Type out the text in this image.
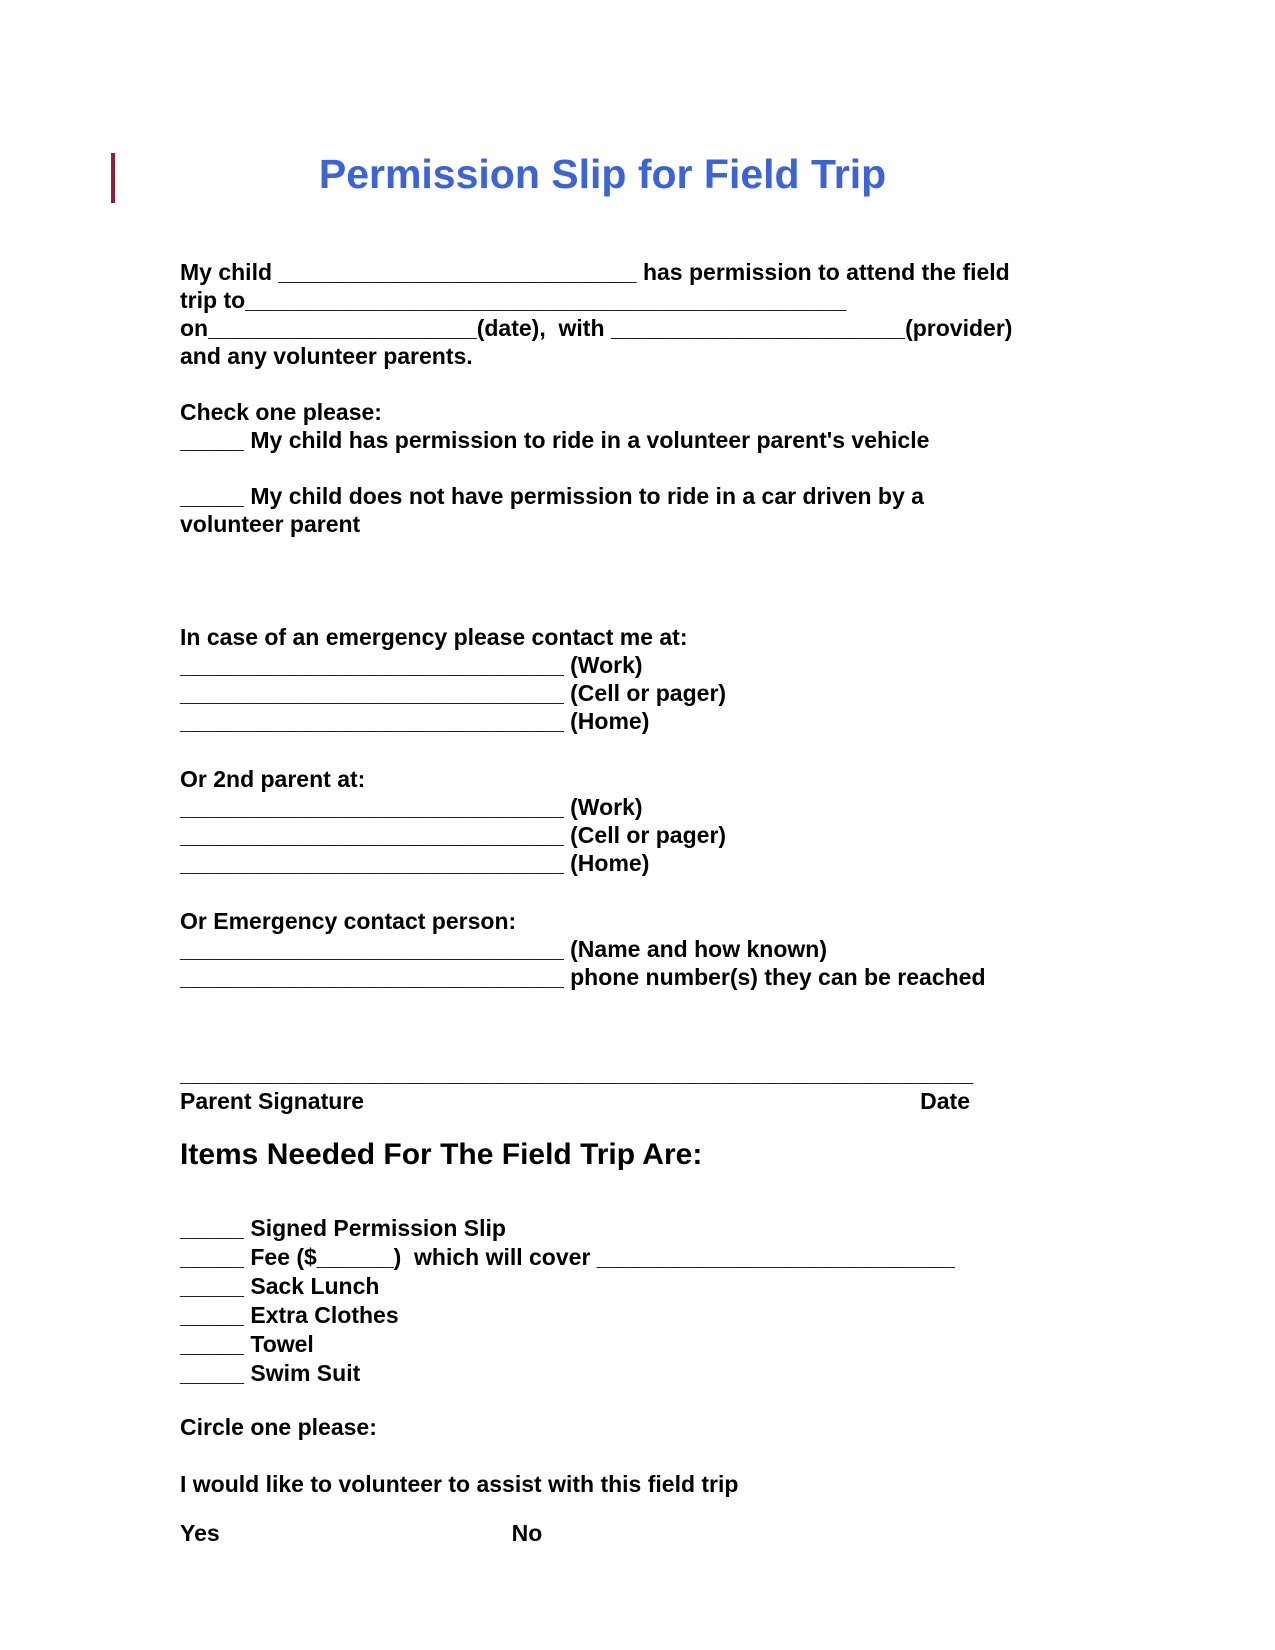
Permission Slip for Field Trip
My child ____________________________ has permission to attend the field
trip to_______________________________________________
on_____________________(date),  with _______________________(provider)
and any volunteer parents.
Check one please:
_____ My child has permission to ride in a volunteer parent's vehicle
_____ My child does not have permission to ride in a car driven by a
volunteer parent
In case of an emergency please contact me at:
______________________________ (Work)
______________________________ (Cell or pager)
______________________________ (Home)
Or 2nd parent at:
______________________________ (Work)
______________________________ (Cell or pager)
______________________________ (Home)
Or Emergency contact person:
______________________________ (Name and how known)
______________________________ phone number(s) they can be reached
______________________________________________________________
Parent Signature	Date
Items Needed For The Field Trip Are:
_____ Signed Permission Slip
_____ Fee ($______)  which will cover ____________________________
_____ Sack Lunch
_____ Extra Clothes
_____ Towel
_____ Swim Suit
Circle one please:
I would like to volunteer to assist with this field trip
Yes	No
